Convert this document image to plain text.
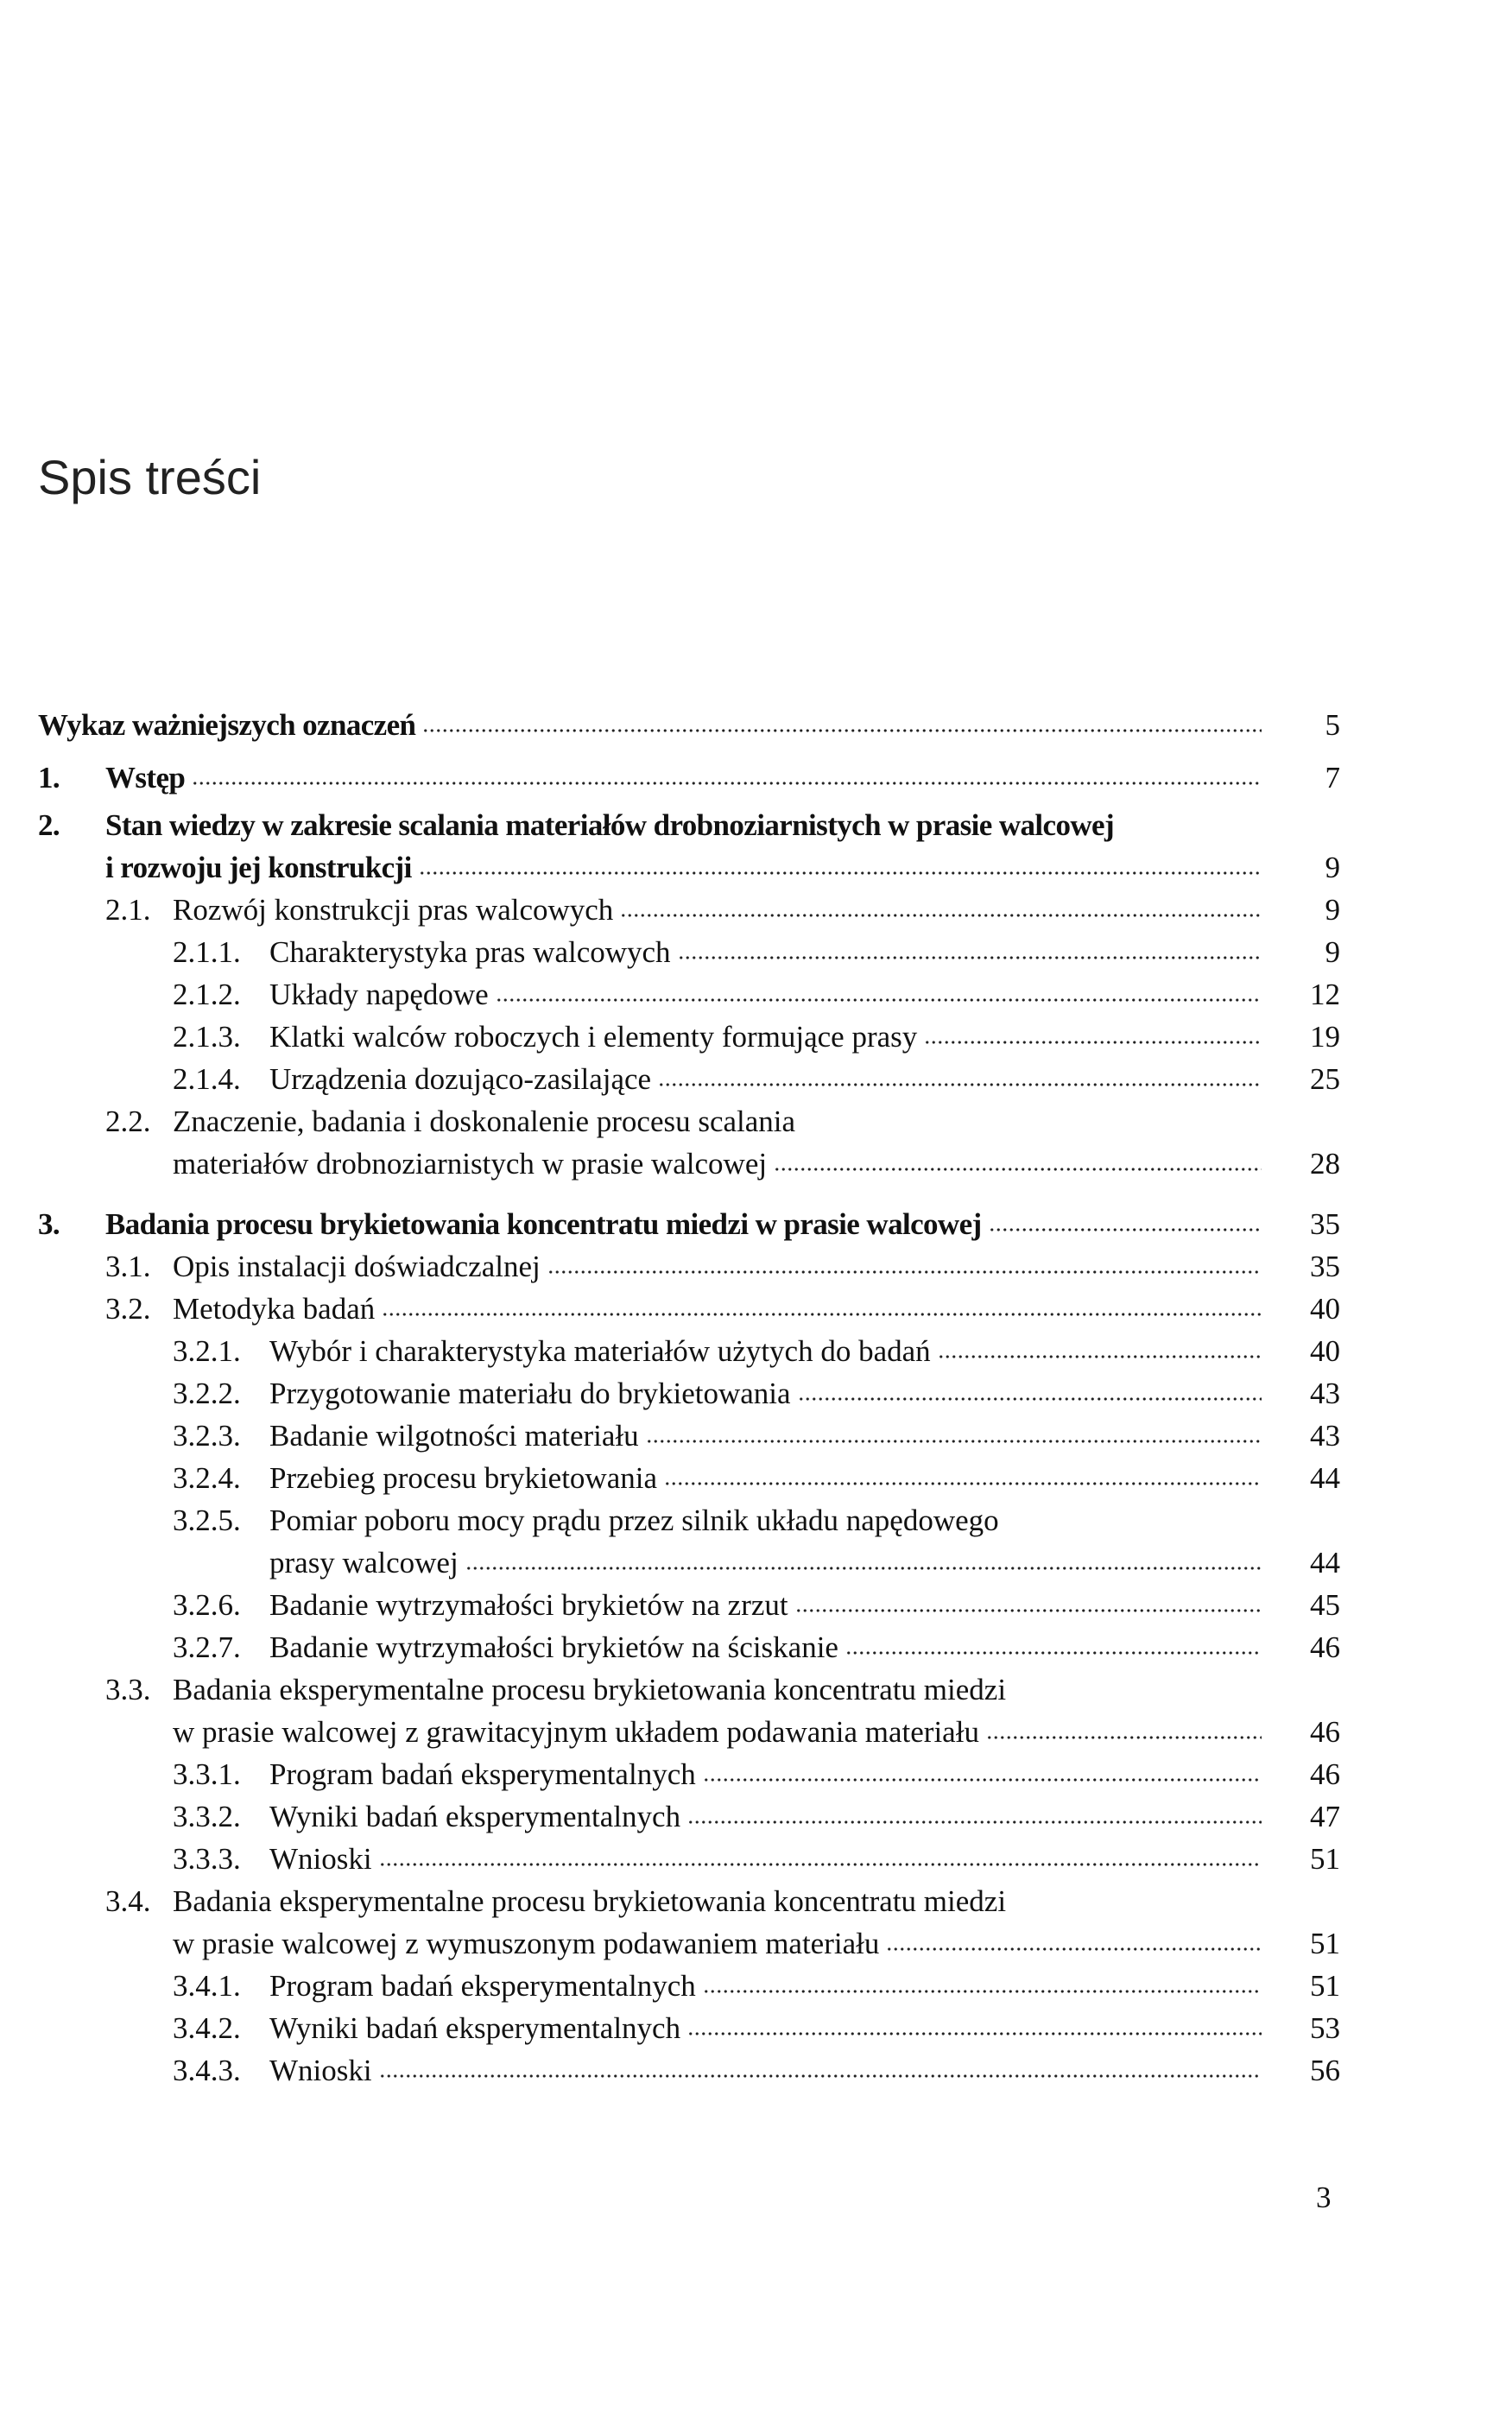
Spis treści
Wykaz ważniejszych oznaczeń	5
1.	Wstęp	7
2.	Stan wiedzy w zakresie scalania materiałów drobnoziarnistych w prasie walcowej
i rozwoju jej konstrukcji	9
2.1. Rozwój konstrukcji pras walcowych	9
2.1.1. Charakterystyka pras walcowych	9
2.1.2. Układy napędowe	12
2.1.3. Klatki walców roboczych i elementy formujące prasy	19
2.1.4. Urządzenia dozująco-zasilające	25
2.2. Znaczenie, badania i doskonalenie procesu scalania
materiałów drobnoziarnistych w prasie walcowej	28
3.	Badania procesu brykietowania koncentratu miedzi w prasie walcowej	35
3.1. Opis instalacji doświadczalnej	35
3.2. Metodyka badań	40
3.2.1. Wybór i charakterystyka materiałów użytych do badań	40
3.2.2. Przygotowanie materiału do brykietowania	43
3.2.3. Badanie wilgotności materiału	43
3.2.4. Przebieg procesu brykietowania	44
3.2.5. Pomiar poboru mocy prądu przez silnik układu napędowego
prasy walcowej	44
3.2.6. Badanie wytrzymałości brykietów na zrzut	45
3.2.7. Badanie wytrzymałości brykietów na ściskanie	46
3.3. Badania eksperymentalne procesu brykietowania koncentratu miedzi
w prasie walcowej z grawitacyjnym układem podawania materiału	46
3.3.1. Program badań eksperymentalnych	46
3.3.2. Wyniki badań eksperymentalnych	47
3.3.3. Wnioski	51
3.4. Badania eksperymentalne procesu brykietowania koncentratu miedzi
w prasie walcowej z wymuszonym podawaniem materiału	51
3.4.1. Program badań eksperymentalnych	51
3.4.2. Wyniki badań eksperymentalnych	53
3.4.3. Wnioski	56
3
